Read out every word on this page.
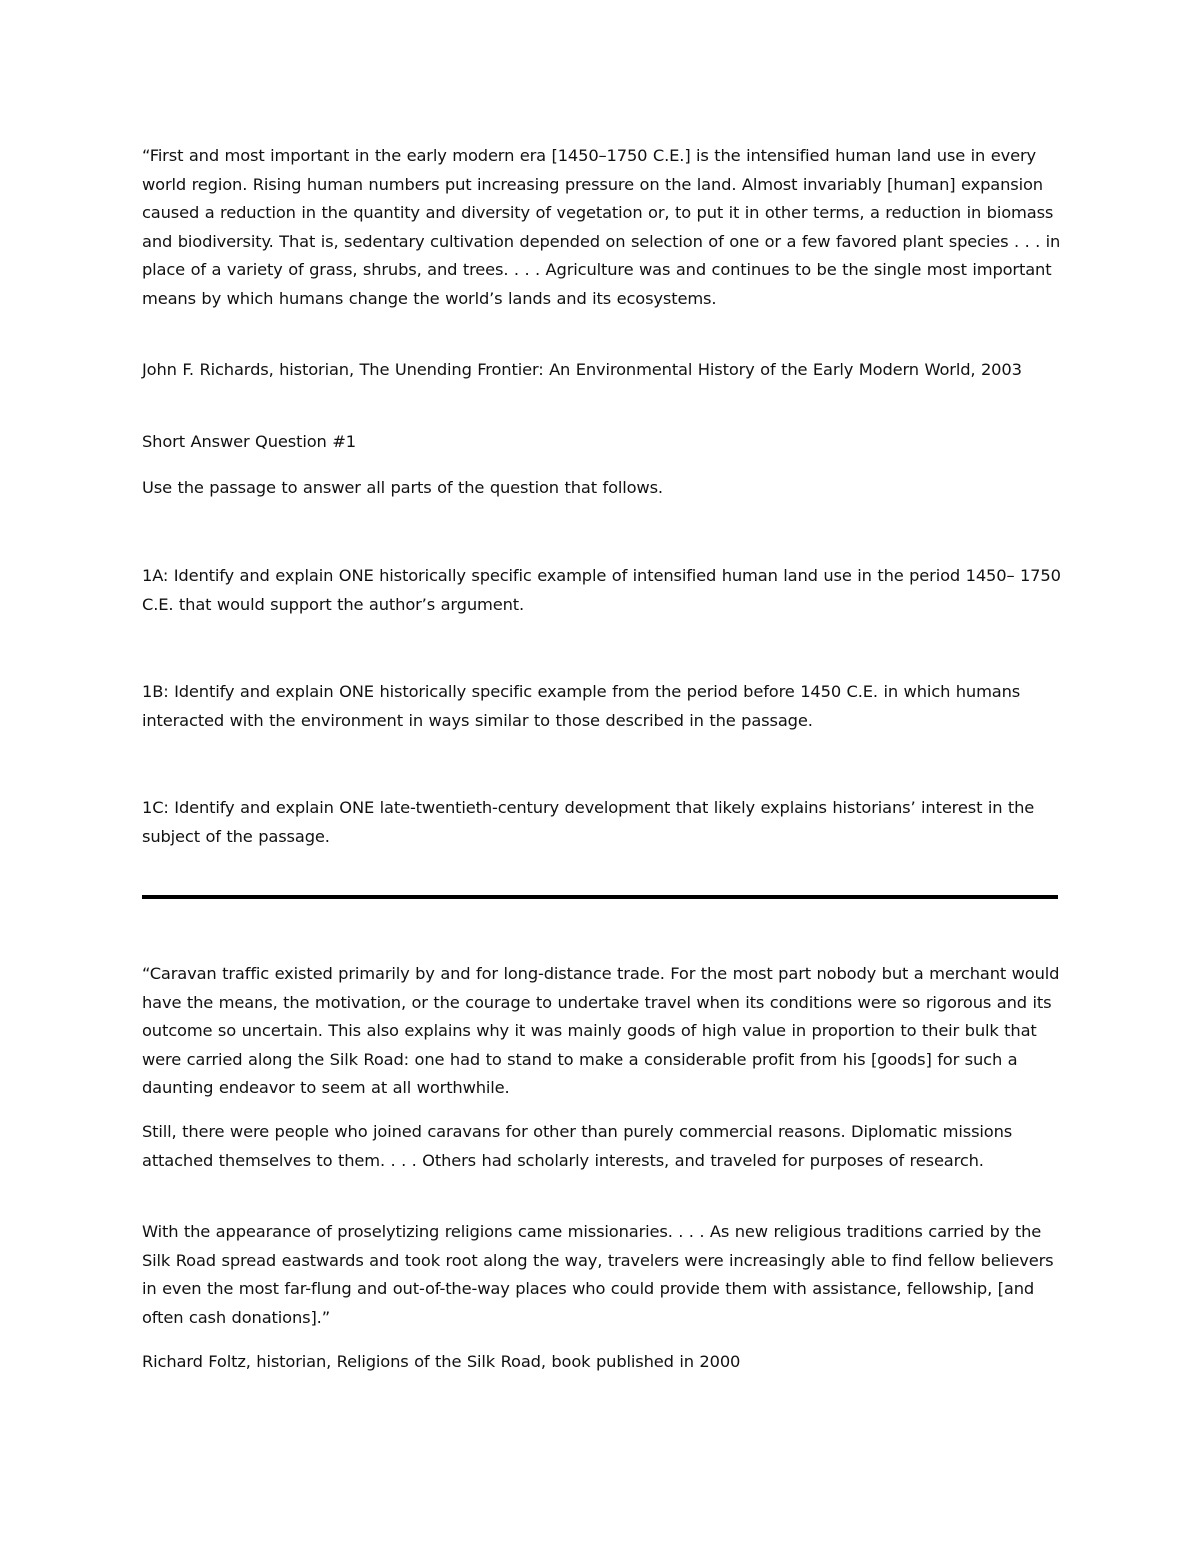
“First and most important in the early modern era [1450–1750 C.E.] is the intensified human land use in every world region. Rising human numbers put increasing pressure on the land. Almost invariably [human] expansion caused a reduction in the quantity and diversity of vegetation or, to put it in other terms, a reduction in biomass and biodiversity. That is, sedentary cultivation depended on selection of one or a few favored plant species . . . in place of a variety of grass, shrubs, and trees. . . . Agriculture was and continues to be the single most important means by which humans change the world’s lands and its ecosystems.

John F. Richards, historian, The Unending Frontier: An Environmental History of the Early Modern World, 2003

Short Answer Question #1

Use the passage to answer all parts of the question that follows.

1A: Identify and explain ONE historically specific example of intensified human land use in the period 1450– 1750 C.E. that would support the author’s argument.

1B: Identify and explain ONE historically specific example from the period before 1450 C.E. in which humans interacted with the environment in ways similar to those described in the passage.

1C: Identify and explain ONE late-twentieth-century development that likely explains historians’ interest in the subject of the passage.

“Caravan traffic existed primarily by and for long-distance trade. For the most part nobody but a merchant would have the means, the motivation, or the courage to undertake travel when its conditions were so rigorous and its outcome so uncertain. This also explains why it was mainly goods of high value in proportion to their bulk that were carried along the Silk Road: one had to stand to make a considerable profit from his [goods] for such a daunting endeavor to seem at all worthwhile.

Still, there were people who joined caravans for other than purely commercial reasons. Diplomatic missions attached themselves to them. . . . Others had scholarly interests, and traveled for purposes of research.

With the appearance of proselytizing religions came missionaries. . . . As new religious traditions carried by the Silk Road spread eastwards and took root along the way, travelers were increasingly able to find fellow believers in even the most far-flung and out-of-the-way places who could provide them with assistance, fellowship, [and often cash donations].”

Richard Foltz, historian, Religions of the Silk Road, book published in 2000
